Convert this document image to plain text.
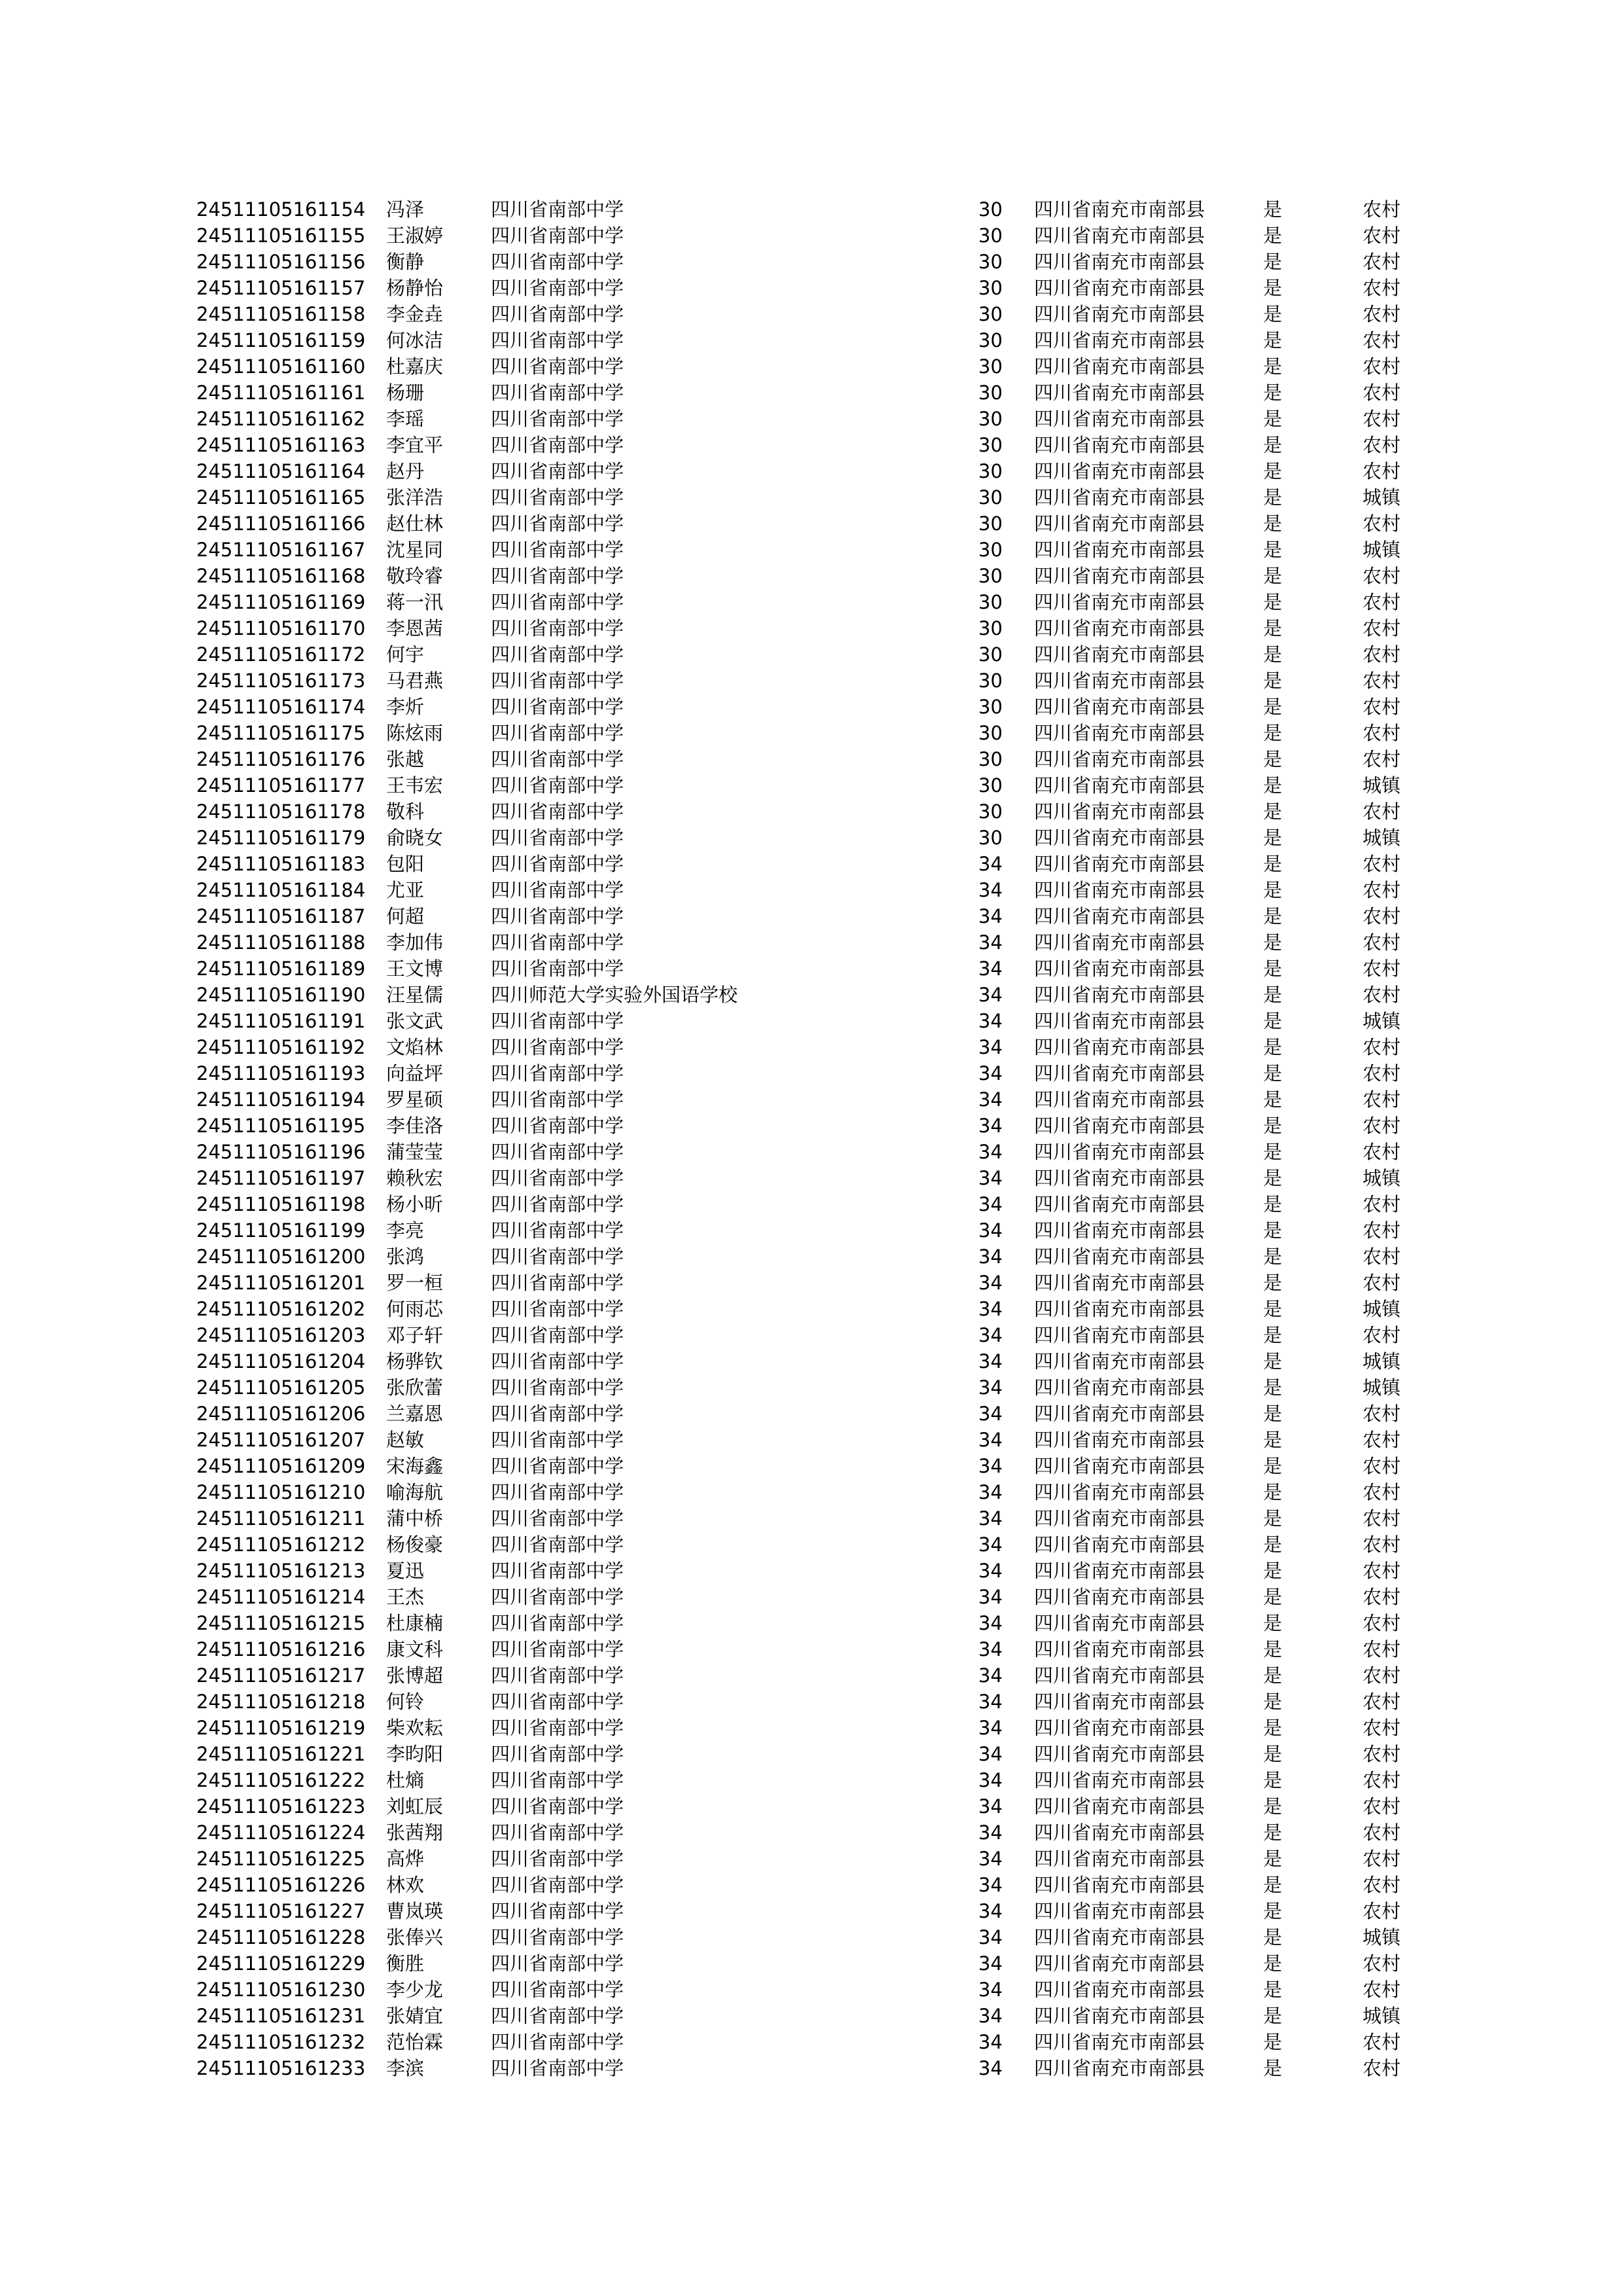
24511105161154 冯泽	四川省南部中学	30 四川省南充市南部县	是	农村
24511105161155 王淑婷	四川省南部中学	30 四川省南充市南部县	是	农村
24511105161156 衡静	四川省南部中学	30 四川省南充市南部县	是	农村
24511105161157 杨静怡	四川省南部中学	30 四川省南充市南部县	是	农村
24511105161158 李金垚	四川省南部中学	30 四川省南充市南部县	是	农村
24511105161159 何冰洁	四川省南部中学	30 四川省南充市南部县	是	农村
24511105161160 杜嘉庆	四川省南部中学	30 四川省南充市南部县	是	农村
24511105161161 杨珊	四川省南部中学	30 四川省南充市南部县	是	农村
24511105161162 李瑶	四川省南部中学	30 四川省南充市南部县	是	农村
24511105161163 李宜平	四川省南部中学	30 四川省南充市南部县	是	农村
24511105161164 赵丹	四川省南部中学	30 四川省南充市南部县	是	农村
24511105161165 张洋浩	四川省南部中学	30 四川省南充市南部县	是	城镇
24511105161166 赵仕林	四川省南部中学	30 四川省南充市南部县	是	农村
24511105161167 沈星同	四川省南部中学	30 四川省南充市南部县	是	城镇
24511105161168 敬玲睿	四川省南部中学	30 四川省南充市南部县	是	农村
24511105161169 蒋一汛	四川省南部中学	30 四川省南充市南部县	是	农村
24511105161170 李恩茜	四川省南部中学	30 四川省南充市南部县	是	农村
24511105161172 何宇	四川省南部中学	30 四川省南充市南部县	是	农村
24511105161173 马君燕	四川省南部中学	30 四川省南充市南部县	是	农村
24511105161174 李炘	四川省南部中学	30 四川省南充市南部县	是	农村
24511105161175 陈炫雨	四川省南部中学	30 四川省南充市南部县	是	农村
24511105161176 张越	四川省南部中学	30 四川省南充市南部县	是	农村
24511105161177 王韦宏	四川省南部中学	30 四川省南充市南部县	是	城镇
24511105161178 敬科	四川省南部中学	30 四川省南充市南部县	是	农村
24511105161179 俞晓女	四川省南部中学	30 四川省南充市南部县	是	城镇
24511105161183 包阳	四川省南部中学	34 四川省南充市南部县	是	农村
24511105161184 尤亚	四川省南部中学	34 四川省南充市南部县	是	农村
24511105161187 何超	四川省南部中学	34 四川省南充市南部县	是	农村
24511105161188 李加伟	四川省南部中学	34 四川省南充市南部县	是	农村
24511105161189 王文博	四川省南部中学	34 四川省南充市南部县	是	农村
24511105161190 汪星儒	四川师范大学实验外国语学校	34 四川省南充市南部县	是	农村
24511105161191 张文武	四川省南部中学	34 四川省南充市南部县	是	城镇
24511105161192 文焰林	四川省南部中学	34 四川省南充市南部县	是	农村
24511105161193 向益坪	四川省南部中学	34 四川省南充市南部县	是	农村
24511105161194 罗星硕	四川省南部中学	34 四川省南充市南部县	是	农村
24511105161195 李佳洛	四川省南部中学	34 四川省南充市南部县	是	农村
24511105161196 蒲莹莹	四川省南部中学	34 四川省南充市南部县	是	农村
24511105161197 赖秋宏	四川省南部中学	34 四川省南充市南部县	是	城镇
24511105161198 杨小昕	四川省南部中学	34 四川省南充市南部县	是	农村
24511105161199 李亮	四川省南部中学	34 四川省南充市南部县	是	农村
24511105161200 张鸿	四川省南部中学	34 四川省南充市南部县	是	农村
24511105161201 罗一桓	四川省南部中学	34 四川省南充市南部县	是	农村
24511105161202 何雨芯	四川省南部中学	34 四川省南充市南部县	是	城镇
24511105161203 邓子轩	四川省南部中学	34 四川省南充市南部县	是	农村
24511105161204 杨骅钦	四川省南部中学	34 四川省南充市南部县	是	城镇
24511105161205 张欣蕾	四川省南部中学	34 四川省南充市南部县	是	城镇
24511105161206 兰嘉恩	四川省南部中学	34 四川省南充市南部县	是	农村
24511105161207 赵敏	四川省南部中学	34 四川省南充市南部县	是	农村
24511105161209 宋海鑫	四川省南部中学	34 四川省南充市南部县	是	农村
24511105161210 喻海航	四川省南部中学	34 四川省南充市南部县	是	农村
24511105161211 蒲中桥	四川省南部中学	34 四川省南充市南部县	是	农村
24511105161212 杨俊豪	四川省南部中学	34 四川省南充市南部县	是	农村
24511105161213 夏迅	四川省南部中学	34 四川省南充市南部县	是	农村
24511105161214 王杰	四川省南部中学	34 四川省南充市南部县	是	农村
24511105161215 杜康楠	四川省南部中学	34 四川省南充市南部县	是	农村
24511105161216 康文科	四川省南部中学	34 四川省南充市南部县	是	农村
24511105161217 张博超	四川省南部中学	34 四川省南充市南部县	是	农村
24511105161218 何铃	四川省南部中学	34 四川省南充市南部县	是	农村
24511105161219 柴欢耘	四川省南部中学	34 四川省南充市南部县	是	农村
24511105161221 李昀阳	四川省南部中学	34 四川省南充市南部县	是	农村
24511105161222 杜熵	四川省南部中学	34 四川省南充市南部县	是	农村
24511105161223 刘虹辰	四川省南部中学	34 四川省南充市南部县	是	农村
24511105161224 张茜翔	四川省南部中学	34 四川省南充市南部县	是	农村
24511105161225 高烨	四川省南部中学	34 四川省南充市南部县	是	农村
24511105161226 林欢	四川省南部中学	34 四川省南充市南部县	是	农村
24511105161227 曹岚瑛	四川省南部中学	34 四川省南充市南部县	是	农村
24511105161228 张俸兴	四川省南部中学	34 四川省南充市南部县	是	城镇
24511105161229 衡胜	四川省南部中学	34 四川省南充市南部县	是	农村
24511105161230 李少龙	四川省南部中学	34 四川省南充市南部县	是	农村
24511105161231 张婧宜	四川省南部中学	34 四川省南充市南部县	是	城镇
24511105161232 范怡霖	四川省南部中学	34 四川省南充市南部县	是	农村
24511105161233 李滨	四川省南部中学	34 四川省南充市南部县	是	农村
